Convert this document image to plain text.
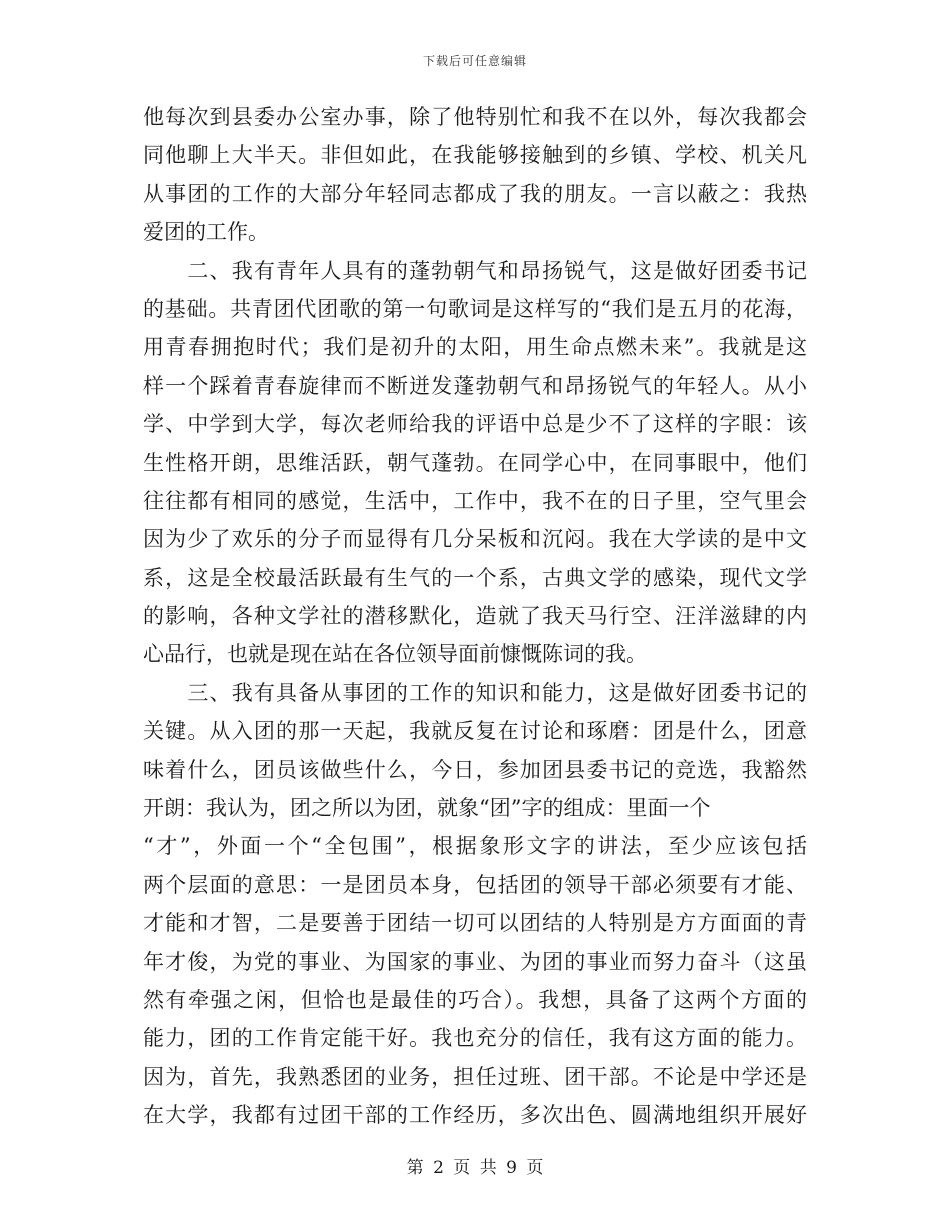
下载后可任意编辑
他每次到县委办公室办事，除了他特别忙和我不在以外，每次我都会
同他聊上大半天。非但如此，在我能够接触到的乡镇、学校、机关凡
从事团的工作的大部分年轻同志都成了我的朋友。一言以蔽之：我热
爱团的工作。
　　二、我有青年人具有的蓬勃朝气和昂扬锐气，这是做好团委书记
的基础。共青团代团歌的第一句歌词是这样写的“我们是五月的花海，
用青春拥抱时代；我们是初升的太阳，用生命点燃未来”。我就是这
样一个踩着青春旋律而不断迸发蓬勃朝气和昂扬锐气的年轻人。从小
学、中学到大学，每次老师给我的评语中总是少不了这样的字眼：该
生性格开朗，思维活跃，朝气蓬勃。在同学心中，在同事眼中，他们
往往都有相同的感觉，生活中，工作中，我不在的日子里，空气里会
因为少了欢乐的分子而显得有几分呆板和沉闷。我在大学读的是中文
系，这是全校最活跃最有生气的一个系，古典文学的感染，现代文学
的影响，各种文学社的潜移默化，造就了我天马行空、汪洋滋肆的内
心品行，也就是现在站在各位领导面前慷慨陈词的我。
　　三、我有具备从事团的工作的知识和能力，这是做好团委书记的
关键。从入团的那一天起，我就反复在讨论和琢磨：团是什么，团意
味着什么，团员该做些什么，今日，参加团县委书记的竞选，我豁然
开朗：我认为，团之所以为团，就象“团”字的组成：里面一个
“才”，外面一个“全包围”，根据象形文字的讲法，至少应该包括
两个层面的意思：一是团员本身，包括团的领导干部必须要有才能、
才能和才智，二是要善于团结一切可以团结的人特别是方方面面的青
年才俊，为党的事业、为国家的事业、为团的事业而努力奋斗（这虽
然有牵强之闲，但恰也是最佳的巧合）。我想，具备了这两个方面的
能力，团的工作肯定能干好。我也充分的信任，我有这方面的能力。
因为，首先，我熟悉团的业务，担任过班、团干部。不论是中学还是
在大学，我都有过团干部的工作经历，多次出色、圆满地组织开展好
第 2 页 共 9 页
